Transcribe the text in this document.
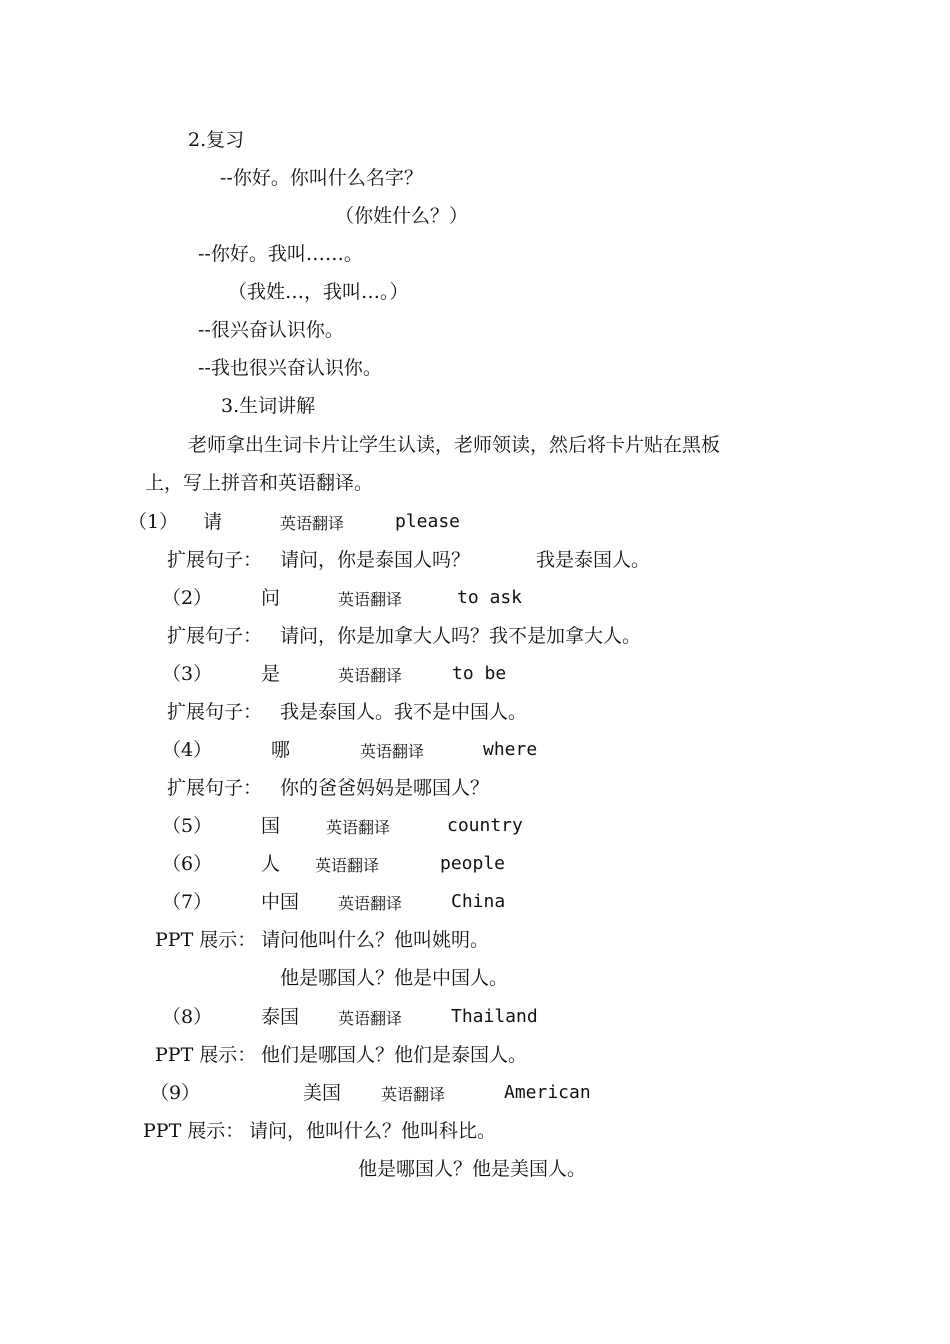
2.复习
--你好。你叫什么名字？
（你姓什么？）
--你好。我叫……。
（我姓…，我叫…。）
--很兴奋认识你。
--我也很兴奋认识你。
3.生词讲解
老师拿出生词卡片让学生认读，老师领读，然后将卡片贴在黑板
上，写上拼音和英语翻译。
（1） 请	英语翻译	please
扩展句子： 请问，你是泰国人吗？	我是泰国人。
（2）	问	英语翻译	to ask
扩展句子： 请问，你是加拿大人吗？我不是加拿大人。
（3）	是	英语翻译	to be
扩展句子： 我是泰国人。我不是中国人。
（4）	哪	英语翻译	where
扩展句子： 你的爸爸妈妈是哪国人？
（5）	国	英语翻译	country
（6）	人 英语翻译	people
（7）	中国 英语翻译	China
PPT 展示： 请问他叫什么？他叫姚明。
他是哪国人？他是中国人。
（8）	泰国 英语翻译	Thailand
PPT 展示： 他们是哪国人？他们是泰国人。
（9）	美国 英语翻译	American
PPT 展示： 请问，他叫什么？他叫科比。
他是哪国人？他是美国人。
